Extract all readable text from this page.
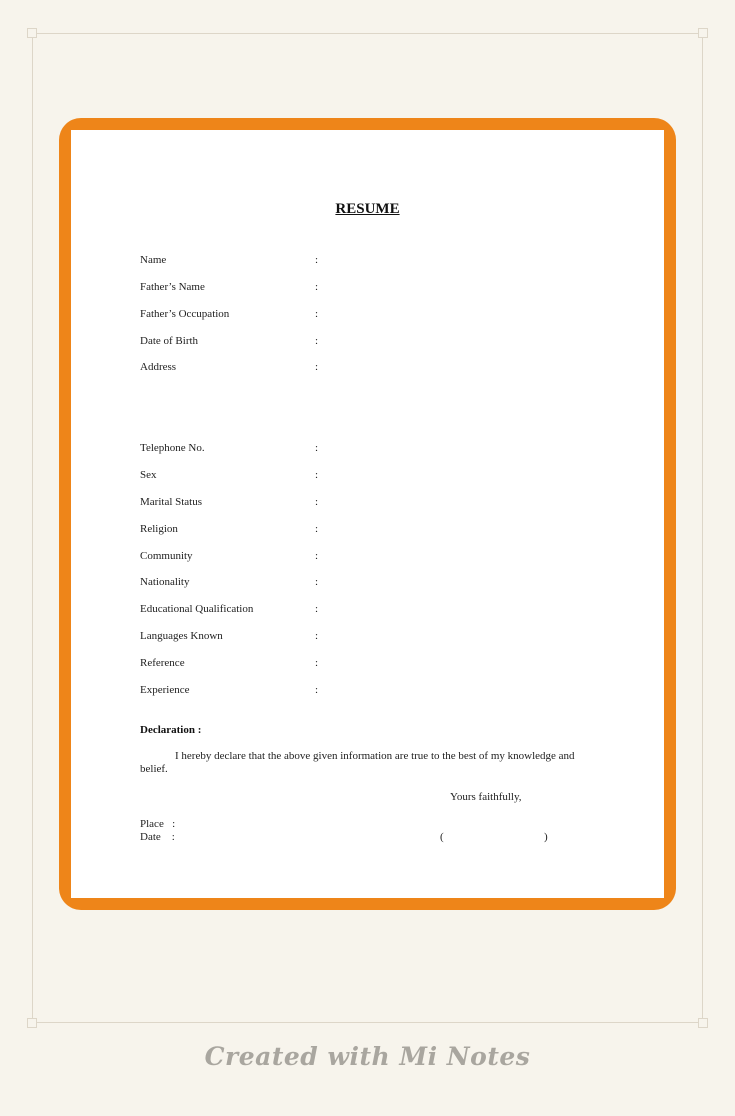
RESUME
Name	:
Father’s Name	:
Father’s Occupation	:
Date of Birth	:
Address	:
Telephone No.	:
Sex	:
Marital Status	:
Religion	:
Community	:
Nationality	:
Educational Qualification	:
Languages Known	:
Reference	:
Experience	:
Declaration :
I hereby declare that the above given information are true to the best of my knowledge and belief.
Yours faithfully,
Place   :
Date    :	(	)
Created with Mi Notes
